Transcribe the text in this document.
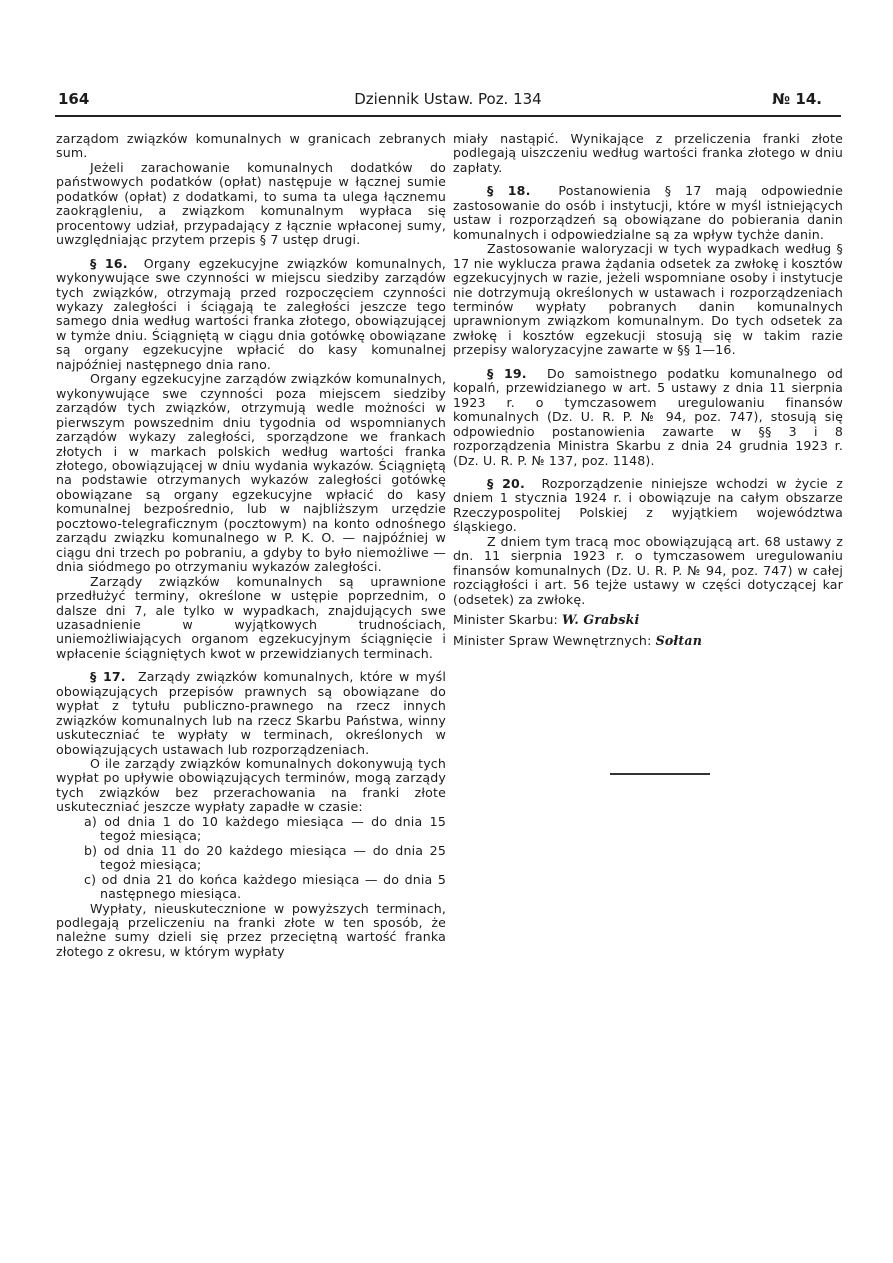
164	Dziennik Ustaw. Poz. 134	№ 14.

zarządom związków komunalnych w granicach zebranych sum.

Jeżeli zarachowanie komunalnych dodatków do państwowych podatków (opłat) następuje w łącznej sumie podatków (opłat) z dodatkami, to suma ta ulega łącznemu zaokrągleniu, a związkom komunalnym wypłaca się procentowy udział, przypadający z łącznie wpłaconej sumy, uwzględniając przytem przepis § 7 ustęp drugi.

§ 16. Organy egzekucyjne związków komunalnych, wykonywujące swe czynności w miejscu siedziby zarządów tych związków, otrzymają przed rozpoczęciem czynności wykazy zaległości i ściągają te zaległości jeszcze tego samego dnia według wartości franka złotego, obowiązującej w tymże dniu. Ściągniętą w ciągu dnia gotówkę obowiązane są organy egzekucyjne wpłacić do kasy komunalnej najpóźniej następnego dnia rano.

Organy egzekucyjne zarządów związków komunalnych, wykonywujące swe czynności poza miejscem siedziby zarządów tych związków, otrzymują wedle możności w pierwszym powszednim dniu tygodnia od wspomnianych zarządów wykazy zaległości, sporządzone we frankach złotych i w markach polskich według wartości franka złotego, obowiązującej w dniu wydania wykazów. Ściągniętą na podstawie otrzymanych wykazów zaległości gotówkę obowiązane są organy egzekucyjne wpłacić do kasy komunalnej bezpośrednio, lub w najbliższym urzędzie pocztowo-telegraficznym (pocztowym) na konto odnośnego zarządu związku komunalnego w P. K. O. — najpóźniej w ciągu dni trzech po pobraniu, a gdyby to było niemożliwe — dnia siódmego po otrzymaniu wykazów zaległości.

Zarządy związków komunalnych są uprawnione przedłużyć terminy, określone w ustępie poprzednim, o dalsze dni 7, ale tylko w wypadkach, znajdujących swe uzasadnienie w wyjątkowych trudnościach, uniemożliwiających organom egzekucyjnym ściągnięcie i wpłacenie ściągniętych kwot w przewidzianych terminach.

§ 17. Zarządy związków komunalnych, które w myśl obowiązujących przepisów prawnych są obowiązane do wypłat z tytułu publiczno-prawnego na rzecz innych związków komunalnych lub na rzecz Skarbu Państwa, winny uskuteczniać te wypłaty w terminach, określonych w obowiązujących ustawach lub rozporządzeniach.

O ile zarządy związków komunalnych dokonywują tych wypłat po upływie obowiązujących terminów, mogą zarządy tych związków bez przerachowania na franki złote uskuteczniać jeszcze wypłaty zapadłe w czasie:

a) od dnia 1 do 10 każdego miesiąca — do dnia 15 tegoż miesiąca;
b) od dnia 11 do 20 każdego miesiąca — do dnia 25 tegoż miesiąca;
c) od dnia 21 do końca każdego miesiąca — do dnia 5 następnego miesiąca.

Wypłaty, nieuskutecznione w powyższych terminach, podlegają przeliczeniu na franki złote w ten sposób, że należne sumy dzieli się przez przeciętną wartość franka złotego z okresu, w którym wypłaty

miały nastąpić. Wynikające z przeliczenia franki złote podlegają uiszczeniu według wartości franka złotego w dniu zapłaty.

§ 18. Postanowienia § 17 mają odpowiednie zastosowanie do osób i instytucji, które w myśl istniejących ustaw i rozporządzeń są obowiązane do pobierania danin komunalnych i odpowiedzialne są za wpływ tychże danin.

Zastosowanie waloryzacji w tych wypadkach według § 17 nie wyklucza prawa żądania odsetek za zwłokę i kosztów egzekucyjnych w razie, jeżeli wspomniane osoby i instytucje nie dotrzymują określonych w ustawach i rozporządzeniach terminów wypłaty pobranych danin komunalnych uprawnionym związkom komunalnym. Do tych odsetek za zwłokę i kosztów egzekucji stosują się w takim razie przepisy waloryzacyjne zawarte w §§ 1—16.

§ 19. Do samoistnego podatku komunalnego od kopalń, przewidzianego w art. 5 ustawy z dnia 11 sierpnia 1923 r. o tymczasowem uregulowaniu finansów komunalnych (Dz. U. R. P. № 94, poz. 747), stosują się odpowiednio postanowienia zawarte w §§ 3 i 8 rozporządzenia Ministra Skarbu z dnia 24 grudnia 1923 r. (Dz. U. R. P. № 137, poz. 1148).

§ 20. Rozporządzenie niniejsze wchodzi w życie z dniem 1 stycznia 1924 r. i obowiązuje na całym obszarze Rzeczypospolitej Polskiej z wyjątkiem województwa śląskiego.

Z dniem tym tracą moc obowiązującą art. 68 ustawy z dn. 11 sierpnia 1923 r. o tymczasowem uregulowaniu finansów komunalnych (Dz. U. R. P. № 94, poz. 747) w całej rozciągłości i art. 56 tejże ustawy w części dotyczącej kar (odsetek) za zwłokę.

Minister Skarbu: W. Grabski

Minister Spraw Wewnętrznych: Sołtan
